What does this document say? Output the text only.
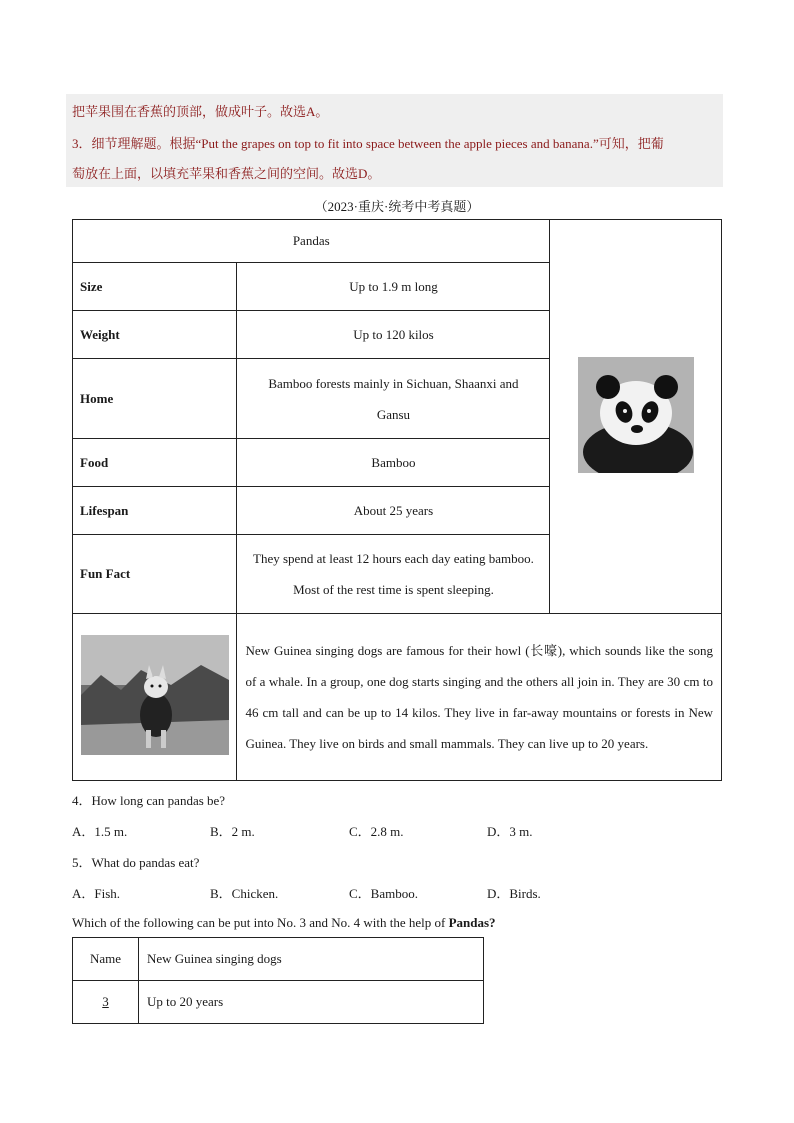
把苹果围在香蕉的顶部，做成叶子。故选A。
3．细节理解题。根据“Put the grapes on top to fit into space between the apple pieces and banana.”可知，把葡
萄放在上面，以填充苹果和香蕉之间的空间。故选D。
（2023·重庆·统考中考真题）
Pandas	
Size	Up to 1.9 m long	
Weight	Up to 120 kilos	
Home	Bamboo forests mainly in Sichuan, Shaanxi and Gansu	
Food	Bamboo	
Lifespan	About 25 years	
Fun Fact	They spend at least 12 hours each day eating bamboo. Most of the rest time is spent sleeping.	
	New Guinea singing dogs are famous for their howl (长嚎), which sounds like the song of a whale. In a group, one dog starts singing and the others all join in. They are 30 cm to 46 cm tall and can be up to 14 kilos. They live in far-away mountains or forests in New Guinea. They live on birds and small mammals. They can live up to 20 years.	
4．How long can pandas be?
A．1.5 m.	B．2 m.	C．2.8 m.	D．3 m.
5．What do pandas eat?
A．Fish.	B．Chicken.	C．Bamboo.	D．Birds.
Which of the following can be put into No. 3 and No. 4 with the help of Pandas?
Name	New Guinea singing dogs
3	Up to 20 years
